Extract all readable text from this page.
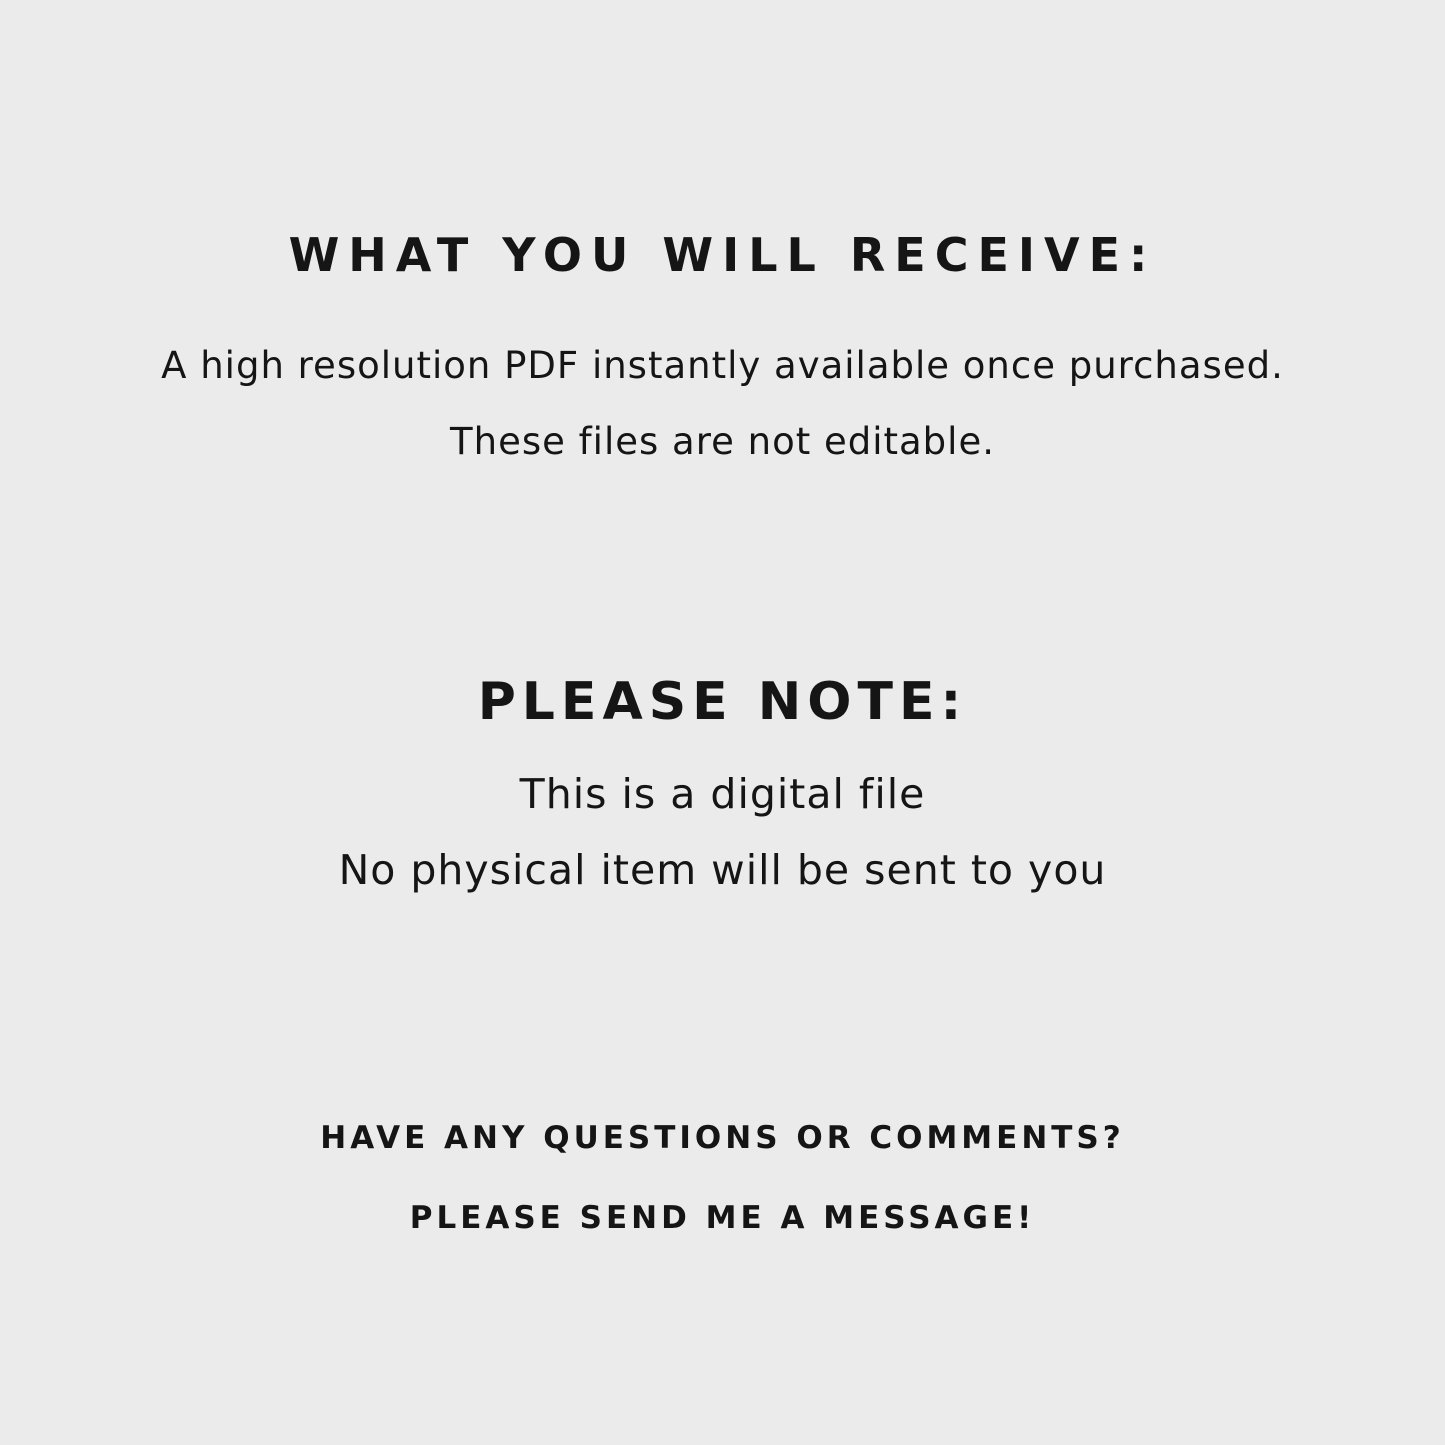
WHAT YOU WILL RECEIVE:
A high resolution PDF instantly available once purchased.
These files are not editable.
PLEASE NOTE:
This is a digital file
No physical item will be sent to you
HAVE ANY QUESTIONS OR COMMENTS?
PLEASE SEND ME A MESSAGE!
